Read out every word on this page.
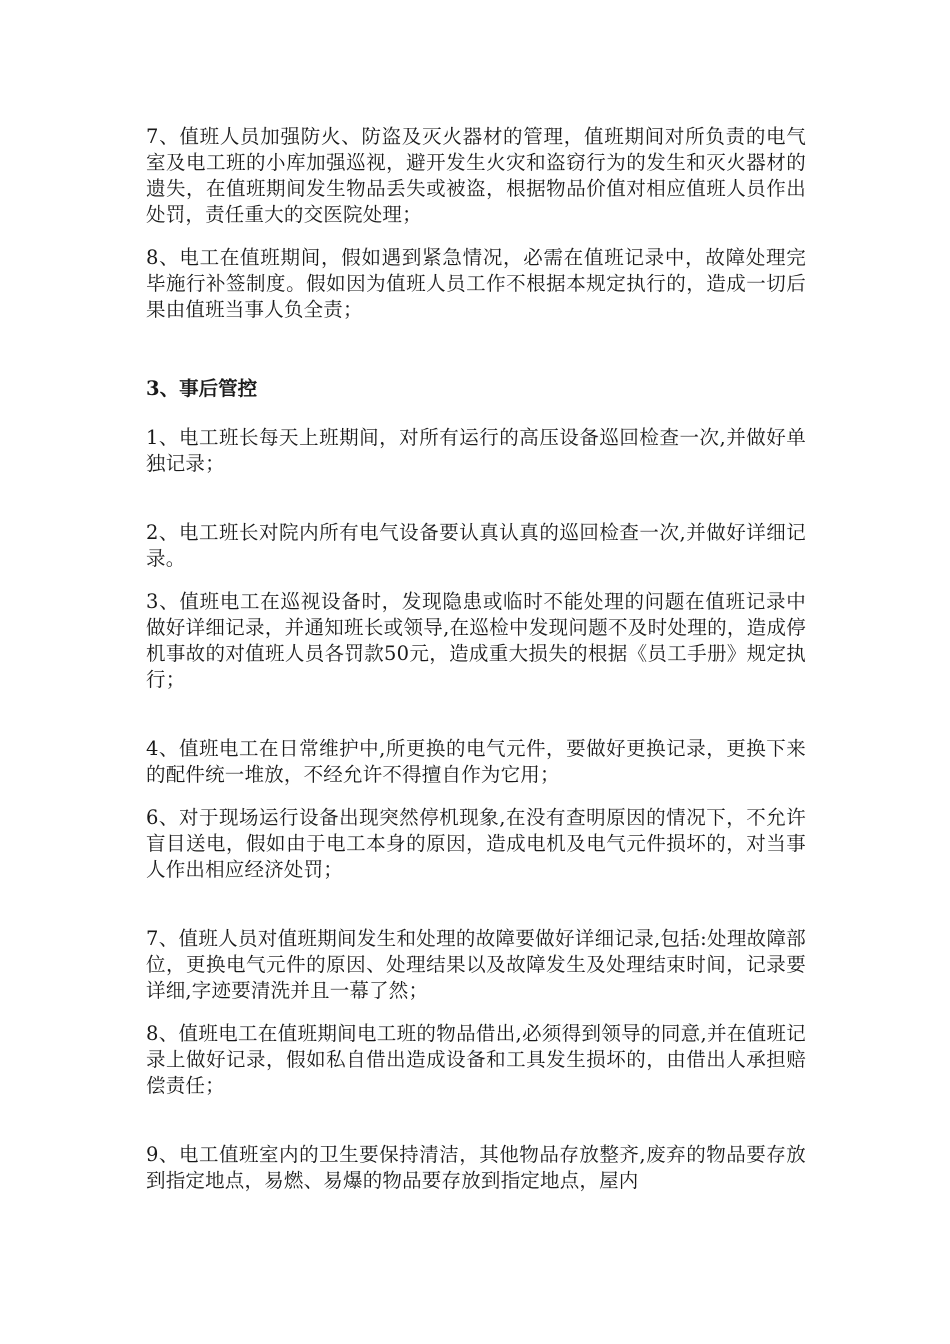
7、值班人员加强防火、防盗及灭火器材的管理，值班期间对所负责的电气室及电工班的小库加强巡视，避开发生火灾和盗窃行为的发生和灭火器材的遗失，在值班期间发生物品丢失或被盗，根据物品价值对相应值班人员作出处罚，责任重大的交医院处理；

8、电工在值班期间，假如遇到紧急情况，必需在值班记录中，故障处理完毕施行补签制度。假如因为值班人员工作不根据本规定执行的，造成一切后果由值班当事人负全责；

3、事后管控

1、电工班长每天上班期间，对所有运行的高压设备巡回检查一次,并做好单独记录；

2、电工班长对院内所有电气设备要认真认真的巡回检查一次,并做好详细记录。

3、值班电工在巡视设备时，发现隐患或临时不能处理的问题在值班记录中做好详细记录，并通知班长或领导,在巡检中发现问题不及时处理的，造成停机事故的对值班人员各罚款50元，造成重大损失的根据《员工手册》规定执行；

4、值班电工在日常维护中,所更换的电气元件，要做好更换记录，更换下来的配件统一堆放，不经允许不得擅自作为它用；

6、对于现场运行设备出现突然停机现象,在没有查明原因的情况下，不允许盲目送电，假如由于电工本身的原因，造成电机及电气元件损坏的，对当事人作出相应经济处罚；

7、值班人员对值班期间发生和处理的故障要做好详细记录,包括:处理故障部位，更换电气元件的原因、处理结果以及故障发生及处理结束时间，记录要详细,字迹要清洗并且一幕了然；

8、值班电工在值班期间电工班的物品借出,必须得到领导的同意,并在值班记录上做好记录，假如私自借出造成设备和工具发生损坏的，由借出人承担赔偿责任；

9、电工值班室内的卫生要保持清洁，其他物品存放整齐,废弃的物品要存放到指定地点，易燃、易爆的物品要存放到指定地点，屋内
